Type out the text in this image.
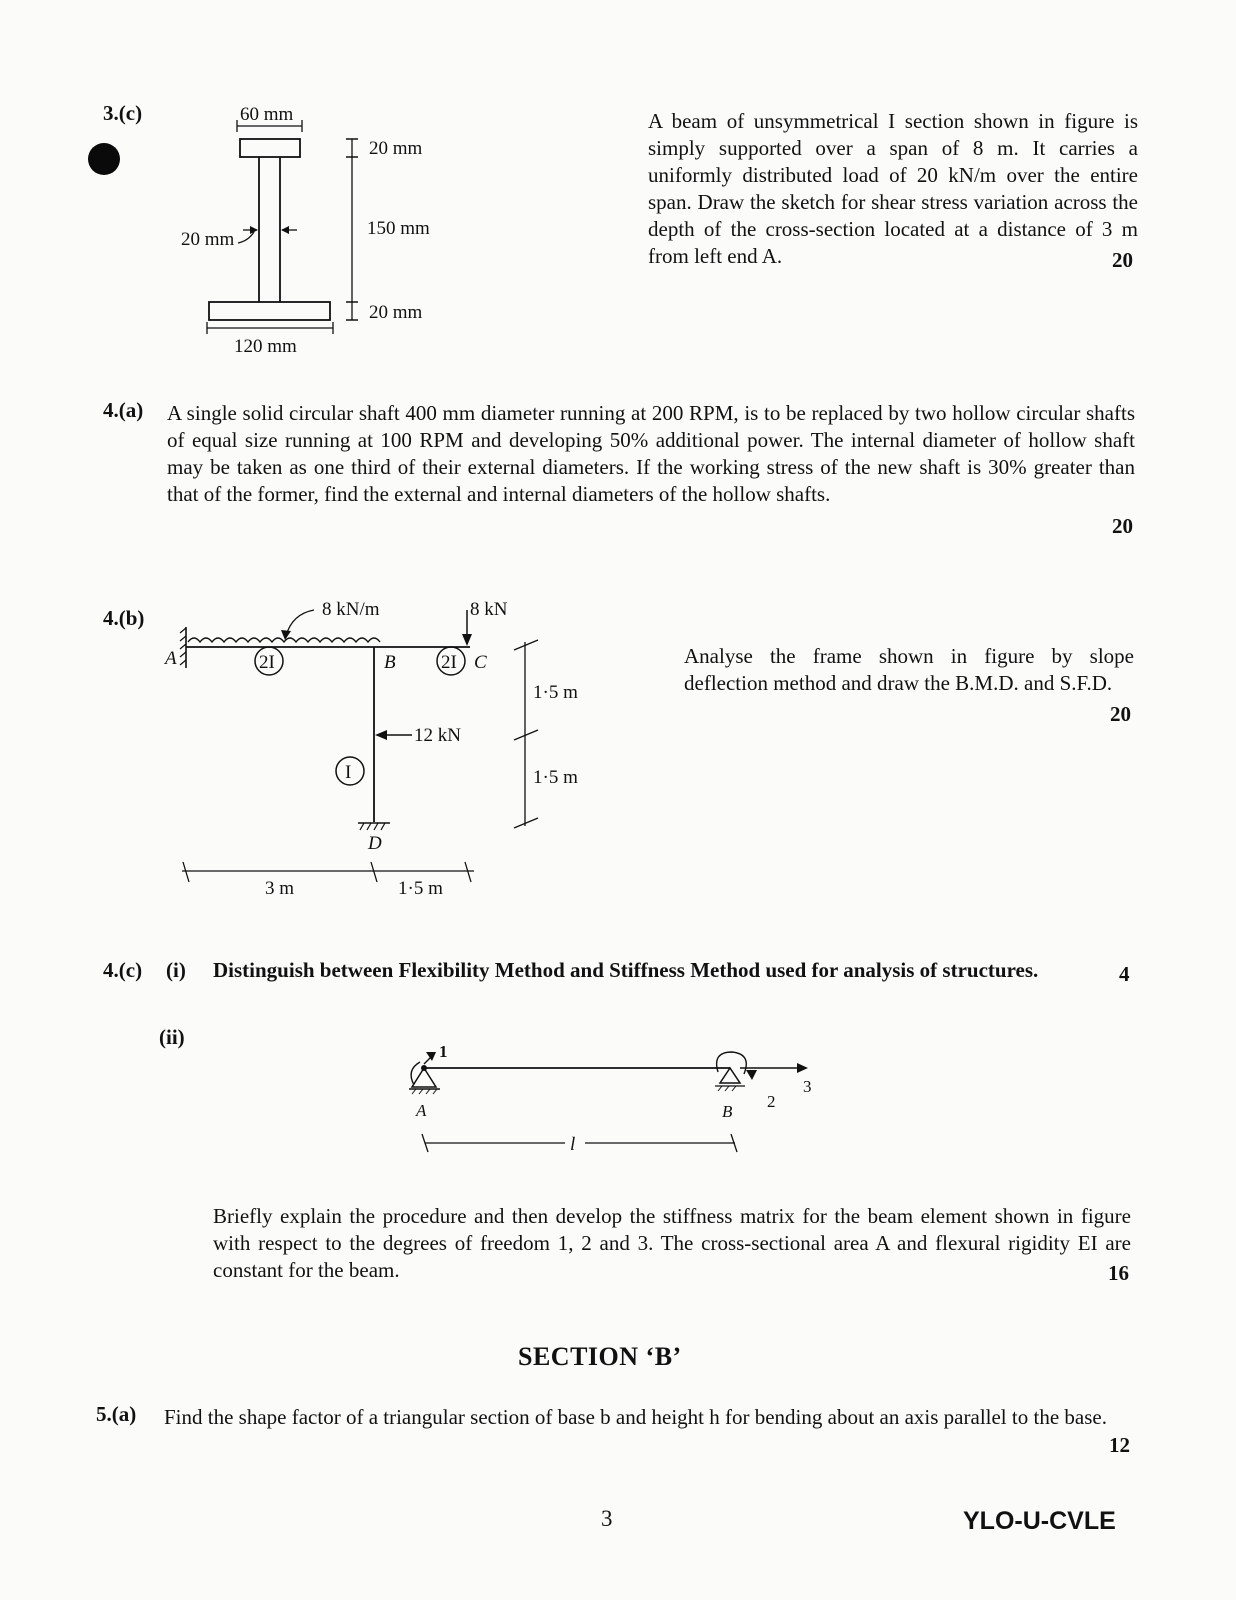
3.(c)	60 mm
120 mm
20 mm
20 mm
150 mm
20 mm
A beam of unsymmetrical I section shown in figure is simply supported over a span of 8 m. It carries a uniformly distributed load of 20 kN/m over the entire span. Draw the sketch for shear stress variation across the depth of the cross-section located at a distance of 3 m from left end A.	20
4.(a) A single solid circular shaft 400 mm diameter running at 200 RPM, is to be replaced by two hollow circular shafts of equal size running at 100 RPM and developing 50% additional power. The internal diameter of hollow shaft may be taken as one third of their external diameters. If the working stress of the new shaft is 30% greater than that of the former, find the external and internal diameters of the hollow shafts.
20
4.(b)
A
8 kN/m
2I	B 2I C
8 kN
12 kN
I
D
1·5 m
1·5 m
3 m	1·5 m
Analyse the frame shown in figure by slope deflection method and draw the B.M.D. and S.F.D.
20
4.(c) (i) Distinguish between Flexibility Method and Stiffness Method used for analysis of structures.	4
(ii)
1
2
3
A	B
l
Briefly explain the procedure and then develop the stiffness matrix for the beam element shown in figure with respect to the degrees of freedom 1, 2 and 3. The cross-sectional area A and flexural rigidity EI are constant for the beam.	16
SECTION ‘B’
5.(a) Find the shape factor of a triangular section of base b and height h for bending about an axis parallel to the base.
12
3	YLO-U-CVLE
